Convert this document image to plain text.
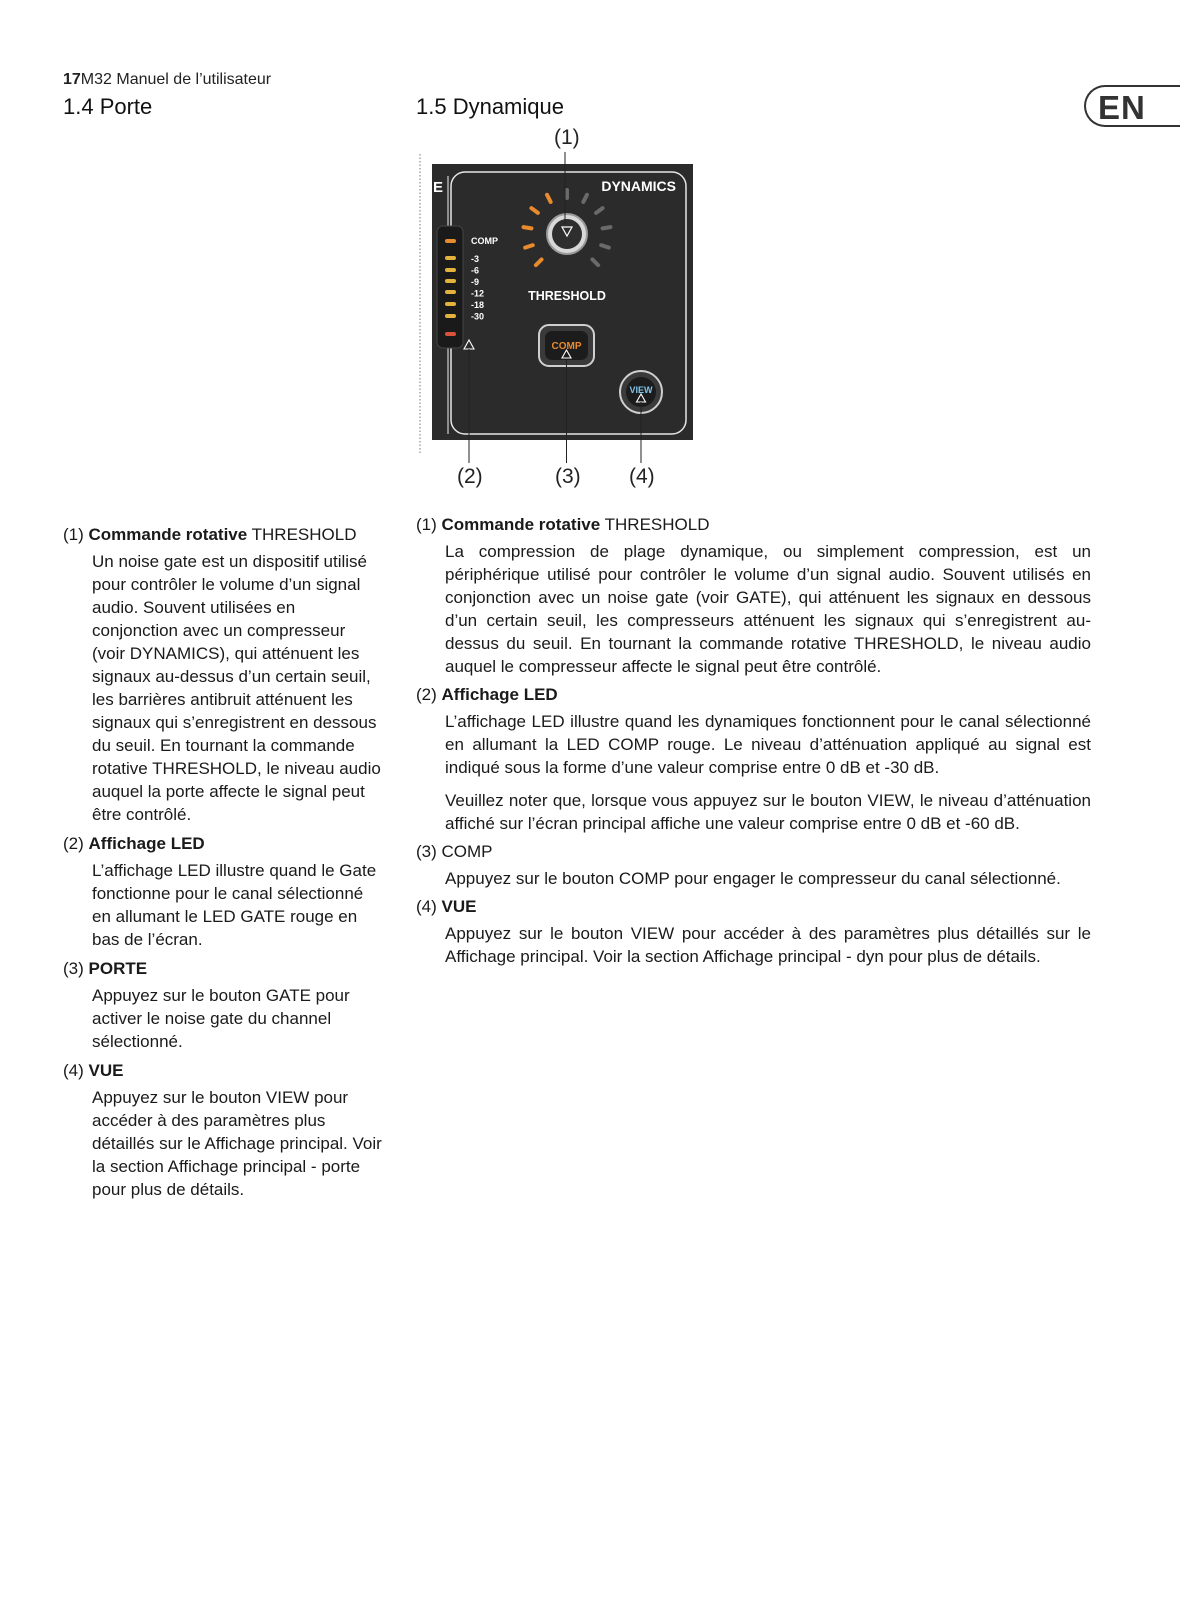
17M32 Manuel de l’utilisateur
1.4 Porte	1.5 Dynamique	EN
E	DYNAMICS
COMP
-3
-6
-9
-12
-18
-30
THRESHOLD
COMP
VIEW
(1)
(2)	(3) (4)
(1) Commande rotative THRESHOLD

Un noise gate est un dispositif utilisé pour contrôler le volume d’un signal audio. Souvent utilisées en conjonction avec un compresseur (voir DYNAMICS), qui atténuent les signaux au-dessus d’un certain seuil, les barrières antibruit atténuent les signaux qui s’enregistrent en dessous du seuil. En tournant la commande rotative THRESHOLD, le niveau audio auquel la porte affecte le signal peut être contrôlé.

(2) Affichage LED

L’affichage LED illustre quand le Gate fonctionne pour le canal sélectionné en allumant le LED GATE rouge en bas de l’écran.

(3) PORTE

Appuyez sur le bouton GATE pour activer le noise gate du channel sélectionné.

(4) VUE

Appuyez sur le bouton VIEW pour accéder à des paramètres plus détaillés sur le Affichage principal. Voir la section Affichage principal - porte pour plus de détails.

(1) Commande rotative THRESHOLD

La compression de plage dynamique, ou simplement compression, est un périphérique utilisé pour contrôler le volume d’un signal audio. Souvent utilisés en conjonction avec un noise gate (voir GATE), qui atténuent les signaux en dessous d’un certain seuil, les compresseurs atténuent les signaux qui s’enregistrent au-dessus du seuil. En tournant la commande rotative THRESHOLD, le niveau audio auquel le compresseur affecte le signal peut être contrôlé.

(2) Affichage LED

L’affichage LED illustre quand les dynamiques fonctionnent pour le canal sélectionné en allumant la LED COMP rouge. Le niveau d’atténuation appliqué au signal est indiqué sous la forme d’une valeur comprise entre 0 dB et -30 dB.

Veuillez noter que, lorsque vous appuyez sur le bouton VIEW, le niveau d’atténuation affiché sur l’écran principal affiche une valeur comprise entre 0 dB et -60 dB.

(3) COMP

Appuyez sur le bouton COMP pour engager le compresseur du canal sélectionné.

(4) VUE

Appuyez sur le bouton VIEW pour accéder à des paramètres plus détaillés sur le Affichage principal. Voir la section Affichage principal - dyn pour plus de détails.
